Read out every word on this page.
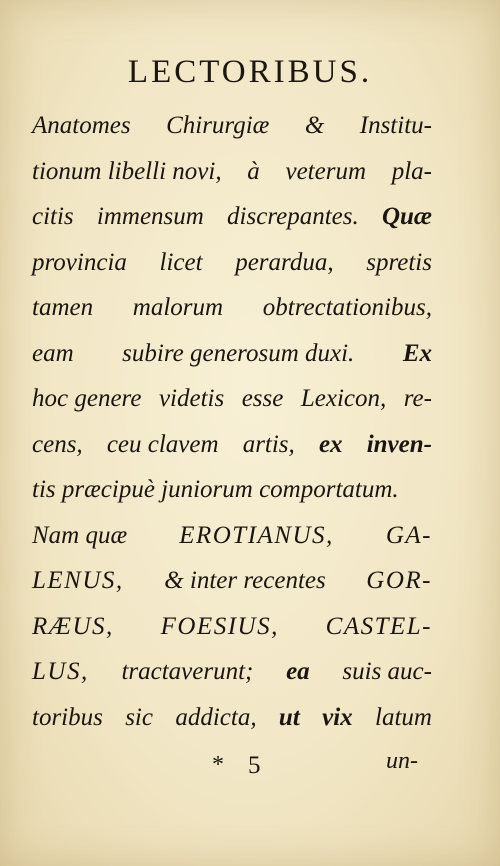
LECTORIBUS.
Anatomes Chirurgiæ & Institu-
tionum libelli novi, à veterum pla-
citis immensum discrepantes. Quæ
provincia licet perardua, spretis
tamen malorum obtrectationibus,
eam subire generosum duxi. Ex
hoc genere videtis esse Lexicon, re-
cens, ceu clavem artis, ex inven-
tis præcipuè juniorum comportatum.
Nam quæ EROTIANUS, GA-
LENUS, & inter recentes GOR-
RÆUS, FOESIUS, CASTEL-
LUS, tractaverunt; ea suis auc-
toribus sic addicta, ut vix latum
* 5	un-
